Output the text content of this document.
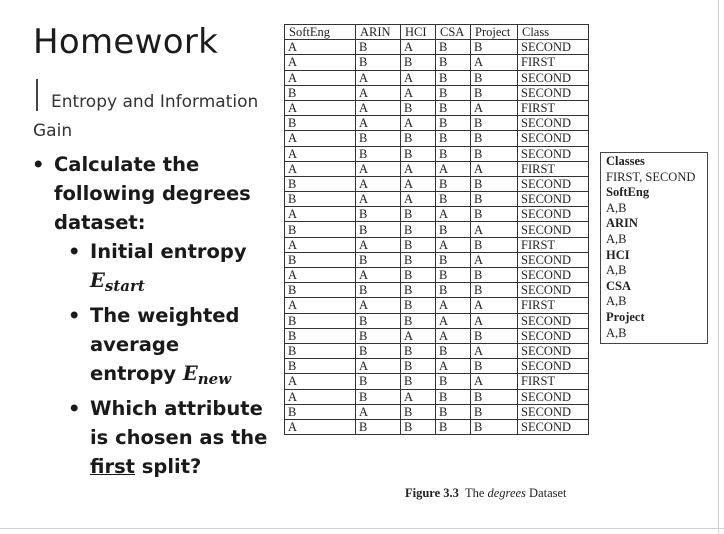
Homework
Entropy and Information Gain
• Calculate the following degrees dataset:
• Initial entropy $E_{start}$
• The weighted average entropy $E_{new}$
• Which attribute is chosen as the first split?
SoftEng	ARIN	HCI	CSA	Project	Class
A	B	A	B	B	SECOND
A	B	B	B	A	FIRST
A	A	A	B	B	SECOND
B	A	A	B	B	SECOND
A	A	B	B	A	FIRST
B	A	A	B	B	SECOND
A	B	B	B	B	SECOND
A	B	B	B	B	SECOND
A	A	A	A	A	FIRST
B	A	A	B	B	SECOND
B	A	A	B	B	SECOND
A	B	B	A	B	SECOND
B	B	B	B	A	SECOND
A	A	B	A	B	FIRST
B	B	B	B	A	SECOND
A	A	B	B	B	SECOND
B	B	B	B	B	SECOND
A	A	B	A	A	FIRST
B	B	B	A	A	SECOND
B	B	A	A	B	SECOND
B	B	B	B	A	SECOND
B	A	B	A	B	SECOND
A	B	B	B	A	FIRST
A	B	A	B	B	SECOND
B	A	B	B	B	SECOND
A	B	B	B	B	SECOND
Classes
FIRST, SECOND
SoftEng
A,B
ARIN
A,B
HCI
A,B
CSA
A,B
Project
A,B
Figure 3.3 The degrees Dataset
